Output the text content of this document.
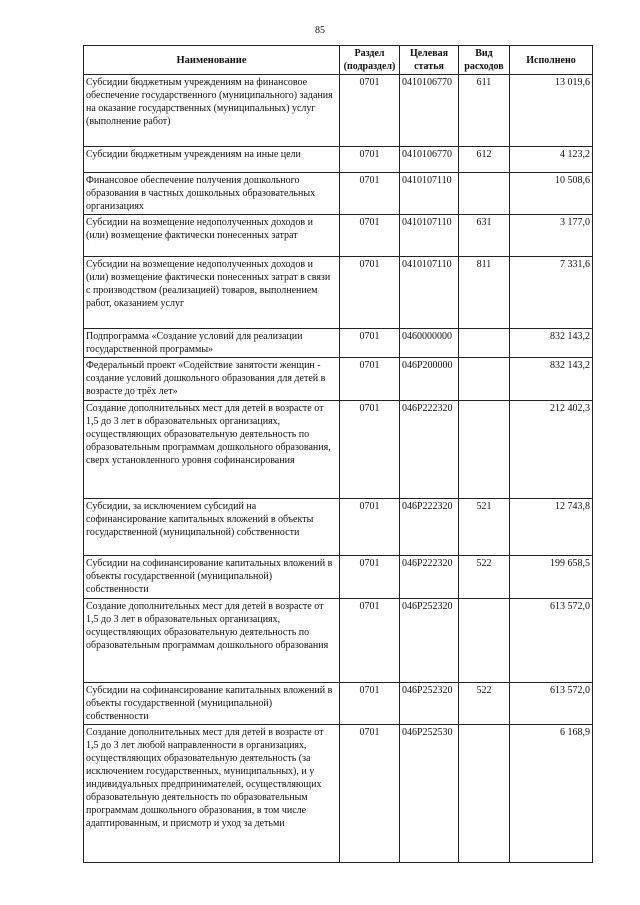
85
Наименование	Раздел (подраздел)	Целевая статья	Вид расходов	Исполнено
Субсидии бюджетным учреждениям на финансовое обеспечение государственного (муниципального) задания на оказание государственных (муниципальных) услуг (выполнение работ)	0701	0410106770	611	13 019,6
Субсидии бюджетным учреждениям на иные цели	0701	0410106770	612	4 123,2
Финансовое обеспечение получения дошкольного образования в частных дошкольных образовательных организациях	0701	0410107110		10 508,6
Субсидии на возмещение недополученных доходов и (или) возмещение фактически понесенных затрат	0701	0410107110	631	3 177,0
Субсидии на возмещение недополученных доходов и (или) возмещение фактически понесенных затрат в связи с производством (реализацией) товаров, выполнением работ, оказанием услуг	0701	0410107110	811	7 331,6
Подпрограмма «Создание условий для реализации государственной программы»	0701	0460000000		832 143,2
Федеральный проект «Содействие занятости женщин - создание условий дошкольного образования для детей в возрасте до трёх лет»	0701	046Р200000		832 143,2
Создание дополнительных мест для детей в возрасте от 1,5 до 3 лет в образовательных организациях, осуществляющих образовательную деятельность по образовательным программам дошкольного образования, сверх установленного уровня софинансирования	0701	046Р222320		212 402,3
Субсидии, за исключением субсидий на софинансирование капитальных вложений в объекты государственной (муниципальной) собственности	0701	046Р222320	521	12 743,8
Субсидии на софинансирование капитальных вложений в объекты государственной (муниципальной) собственности	0701	046Р222320	522	199 658,5
Создание дополнительных мест для детей в возрасте от 1,5 до 3 лет в образовательных организациях, осуществляющих образовательную деятельность по образовательным программам дошкольного образования	0701	046Р252320		613 572,0
Субсидии на софинансирование капитальных вложений в объекты государственной (муниципальной) собственности	0701	046Р252320	522	613 572,0
Создание дополнительных мест для детей в возрасте от 1,5 до 3 лет любой направленности в организациях, осуществляющих образовательную деятельность (за исключением государственных, муниципальных), и у индивидуальных предпринимателей, осуществляющих образовательную деятельность по образовательным программам дошкольного образования, в том числе адаптированным, и присмотр и уход за детьми	0701	046Р252530		6 168,9
